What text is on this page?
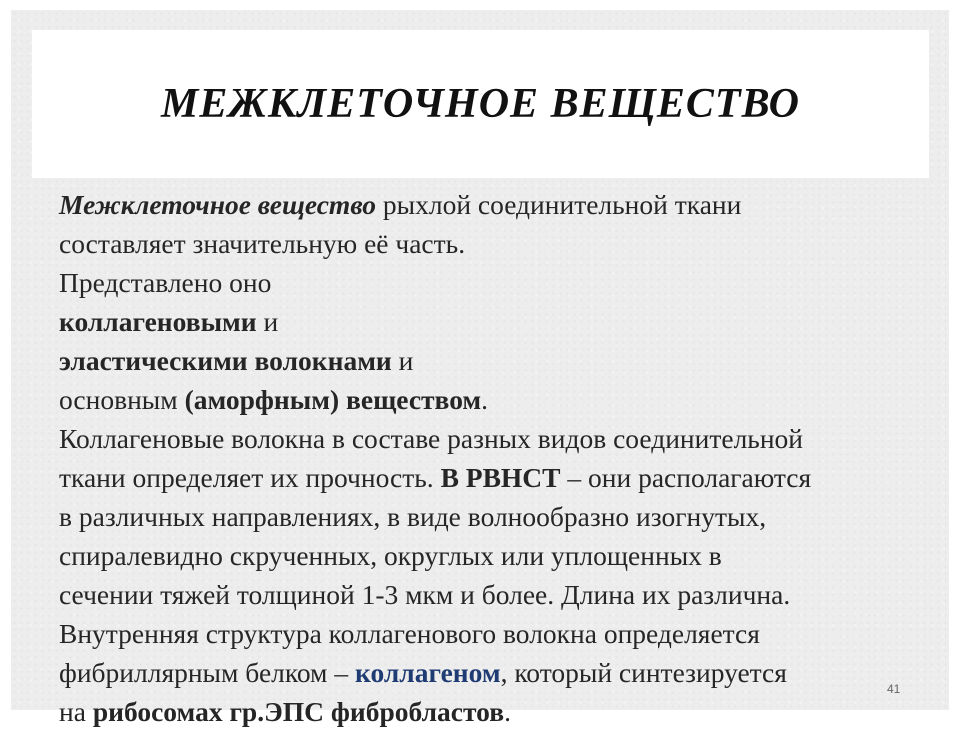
МЕЖКЛЕТОЧНОЕ ВЕЩЕСТВО

Межклеточное вещество рыхлой соединительной ткани

составляет значительную её часть.

Представлено оно

коллагеновыми и

эластическими волокнами и

основным (аморфным) веществом.

Коллагеновые волокна в составе разных видов соединительной

ткани определяет их прочность. В РВНСТ – они располагаются

в различных направлениях, в виде волнообразно изогнутых,

спиралевидно скрученных, округлых или уплощенных в

сечении тяжей толщиной 1-3 мкм и более. Длина их различна.

Внутренняя структура коллагенового волокна определяется

фибриллярным белком – коллагеном, который синтезируется

на рибосомах гр.ЭПС фибробластов.

41
